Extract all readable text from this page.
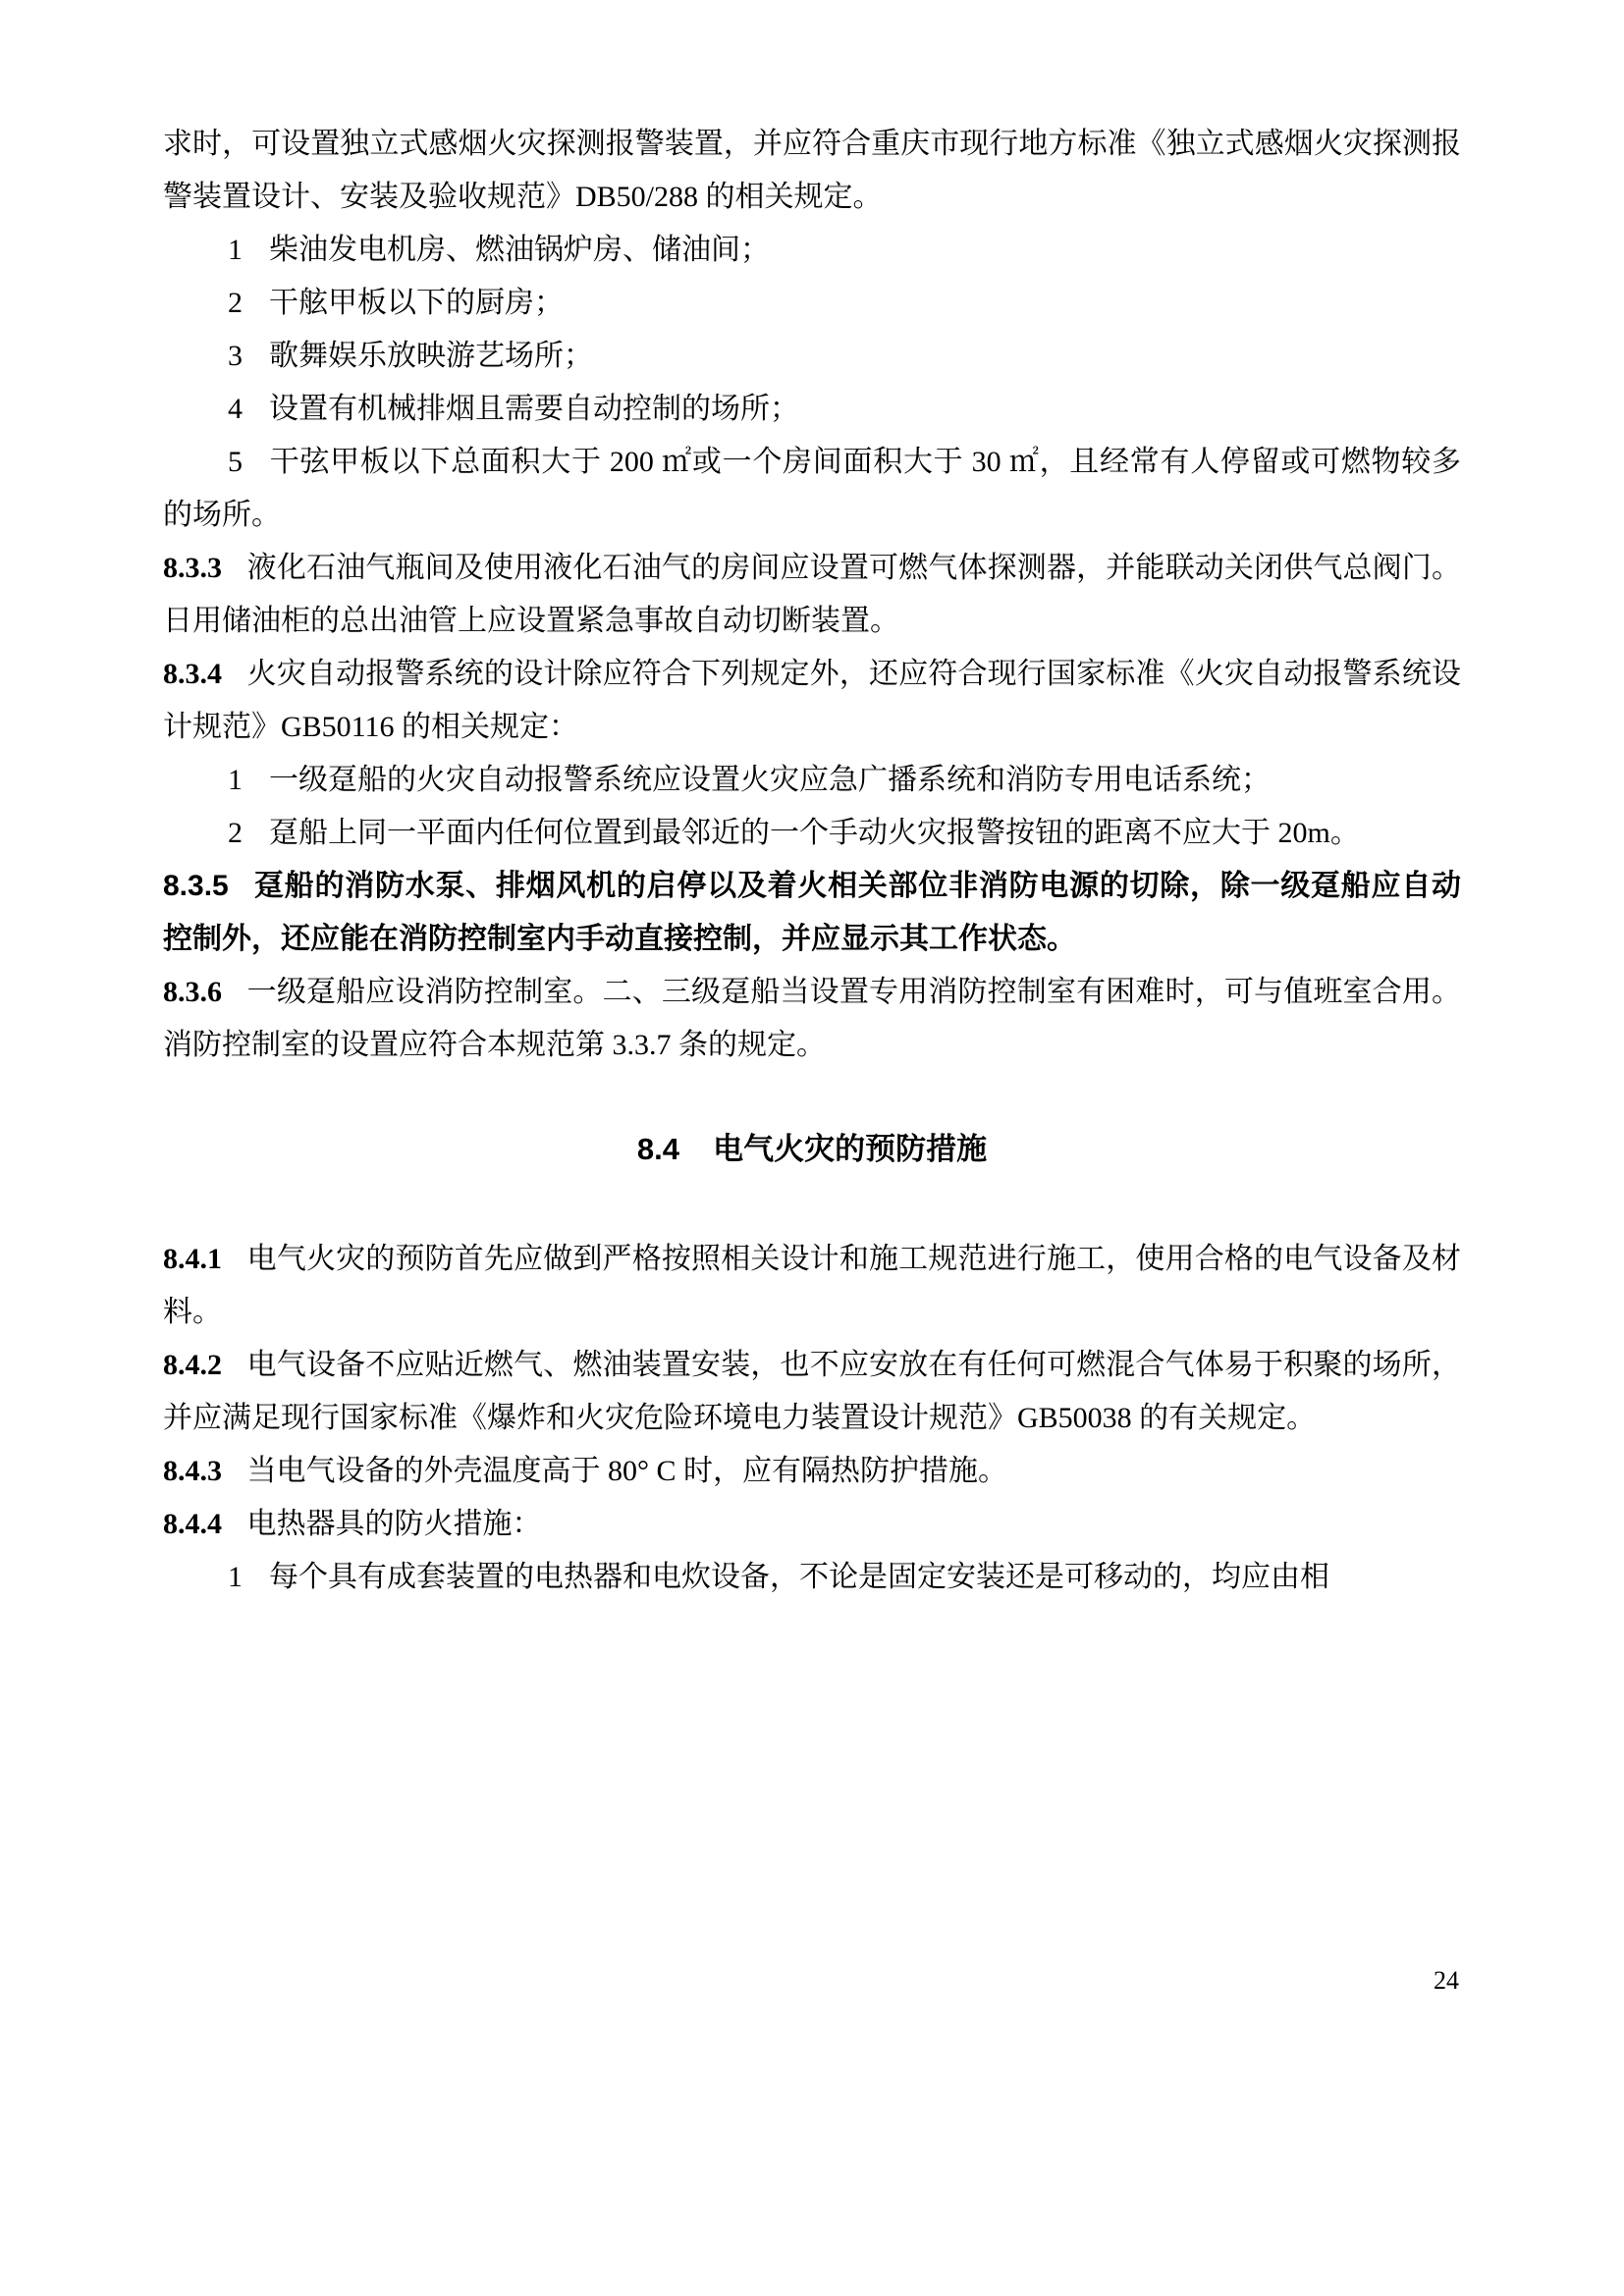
求时，可设置独立式感烟火灾探测报警装置，并应符合重庆市现行地方标准《独立式感烟火灾探测报警装置设计、安装及验收规范》DB50/288 的相关规定。

1 柴油发电机房、燃油锅炉房、储油间；

2 干舷甲板以下的厨房；

3 歌舞娱乐放映游艺场所；

4 设置有机械排烟且需要自动控制的场所；

5 干弦甲板以下总面积大于 200 ㎡或一个房间面积大于 30 ㎡，且经常有人停留或可燃物较多的场所。

8.3.3 液化石油气瓶间及使用液化石油气的房间应设置可燃气体探测器，并能联动关闭供气总阀门。日用储油柜的总出油管上应设置紧急事故自动切断装置。

8.3.4 火灾自动报警系统的设计除应符合下列规定外，还应符合现行国家标准《火灾自动报警系统设计规范》GB50116 的相关规定：

1 一级趸船的火灾自动报警系统应设置火灾应急广播系统和消防专用电话系统；

2 趸船上同一平面内任何位置到最邻近的一个手动火灾报警按钮的距离不应大于 20m。

8.3.5 趸船的消防水泵、排烟风机的启停以及着火相关部位非消防电源的切除，除一级趸船应自动控制外，还应能在消防控制室内手动直接控制，并应显示其工作状态。

8.3.6 一级趸船应设消防控制室。二、三级趸船当设置专用消防控制室有困难时，可与值班室合用。消防控制室的设置应符合本规范第 3.3.7 条的规定。

8.4 电气火灾的预防措施

8.4.1 电气火灾的预防首先应做到严格按照相关设计和施工规范进行施工，使用合格的电气设备及材料。

8.4.2 电气设备不应贴近燃气、燃油装置安装，也不应安放在有任何可燃混合气体易于积聚的场所，并应满足现行国家标准《爆炸和火灾危险环境电力装置设计规范》GB50038 的有关规定。

8.4.3 当电气设备的外壳温度高于 80° C 时，应有隔热防护措施。

8.4.4 电热器具的防火措施：

1 每个具有成套装置的电热器和电炊设备，不论是固定安装还是可移动的，均应由相

24
